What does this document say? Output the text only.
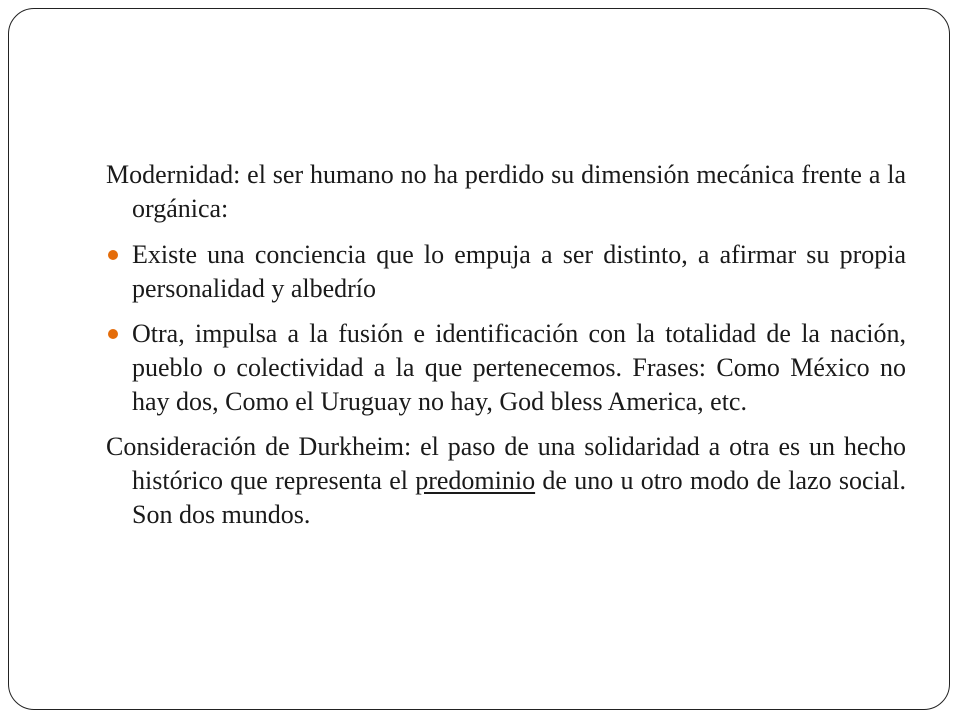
Modernidad: el ser humano no ha perdido su dimensión mecánica frente a la orgánica:

Existe una conciencia que lo empuja a ser distinto, a afirmar su propia personalidad y albedrío
Otra, impulsa a la fusión e identificación con la totalidad de la nación, pueblo o colectividad a la que pertenecemos. Frases: Como México no hay dos, Como el Uruguay no hay, God bless America, etc.

Consideración de Durkheim: el paso de una solidaridad a otra es un hecho histórico que representa el predominio de uno u otro modo de lazo social. Son dos mundos.
